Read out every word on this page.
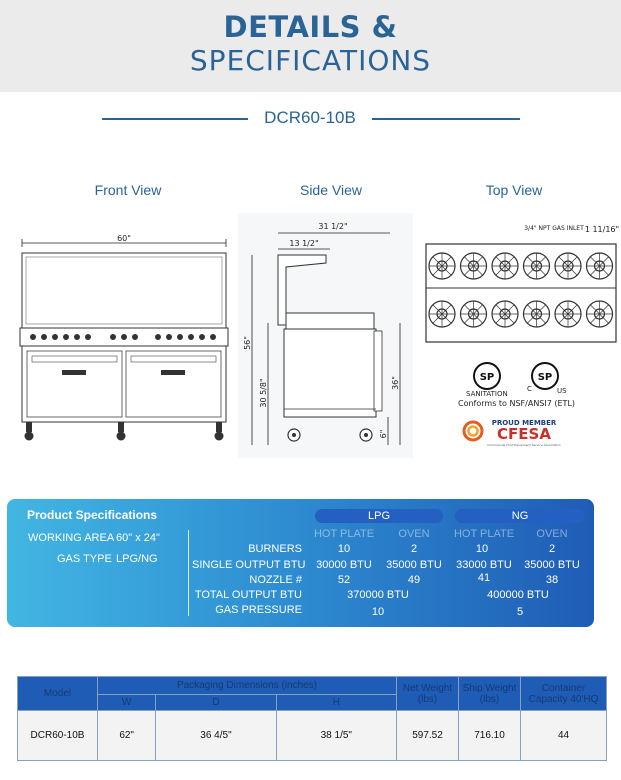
DETAILS &
SPECIFICATIONS
DCR60-10B
Front View	Side View	Top View
60"
31 1/2"
13 1/2"
56"
30 5/8"	36"
6"
3/4" NPT GAS INLET 1 11/16"
SP
SANITATION
SP
C	US
Conforms to NSF/ANSI7 (ETL)
PROUD MEMBER
CFESA
Commercial Food Equipment Service Association
Product Specifications	LPG	NG
WORKING AREA 60" x 24"
GAS TYPE LPG/NG
HOT PLATE	OVEN	HOT PLATE	OVEN
BURNERS	10	2	10	2
SINGLE OUTPUT BTU 30000 BTU	35000 BTU	33000 BTU	35000 BTU
NOZZLE #	52	49	41	38
TOTAL OUTPUT BTU	370000 BTU	400000 BTU
GAS PRESSURE	10	5
Model	Packaging Dimensions (inches)			Net Weight (lbs)	Ship Weight (lbs)	Container Capacity 40'HQ
	W	D	H			
DCR60-10B	62"	36 4/5"	38 1/5"	597.52	716.10	44
